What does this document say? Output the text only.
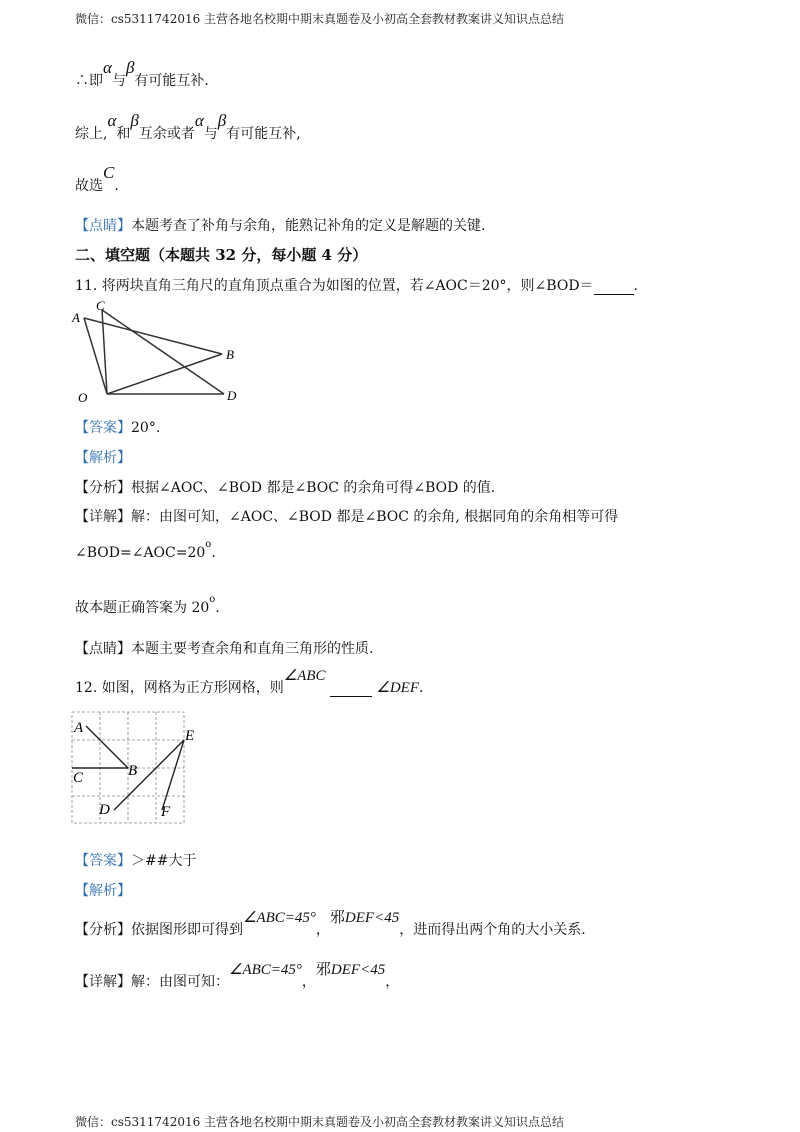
微信：cs5311742016 主营各地名校期中期末真题卷及小初高全套教材教案讲义知识点总结
∴即α与β有可能互补.
综上,α和β互余或者α与β有可能互补,
故选C.
【点睛】本题考查了补角与余角，能熟记补角的定义是解题的关键.
二、填空题（本题共 32 分，每小题 4 分）
11. 将两块直角三角尺的直角顶点重合为如图的位置，若∠AOC＝20°，则∠BOD＝	.
A
C
B
D
O
【答案】20°.
【解析】
【分析】根据∠AOC、∠BOD 都是∠BOC 的余角可得∠BOD 的值.
【详解】解：由图可知，∠AOC、∠BOD 都是∠BOC 的余角, 根据同角的余角相等可得
$\angle BOD=\angle AOC=20^o$.
故本题正确答案为 20$^o$.
【点睛】本题主要考查余角和直角三角形的性质.
12. 如图，网格为正方形网格，则∠ABC  ∠DEF.
A
B
C
D
E
F
【答案】＞##大于
【解析】
【分析】依据图形即可得到∠ABC=45°，邪DEF<45，进而得出两个角的大小关系.
【详解】解：由图可知：∠ABC=45°，邪DEF<45，
微信：cs5311742016 主营各地名校期中期末真题卷及小初高全套教材教案讲义知识点总结
